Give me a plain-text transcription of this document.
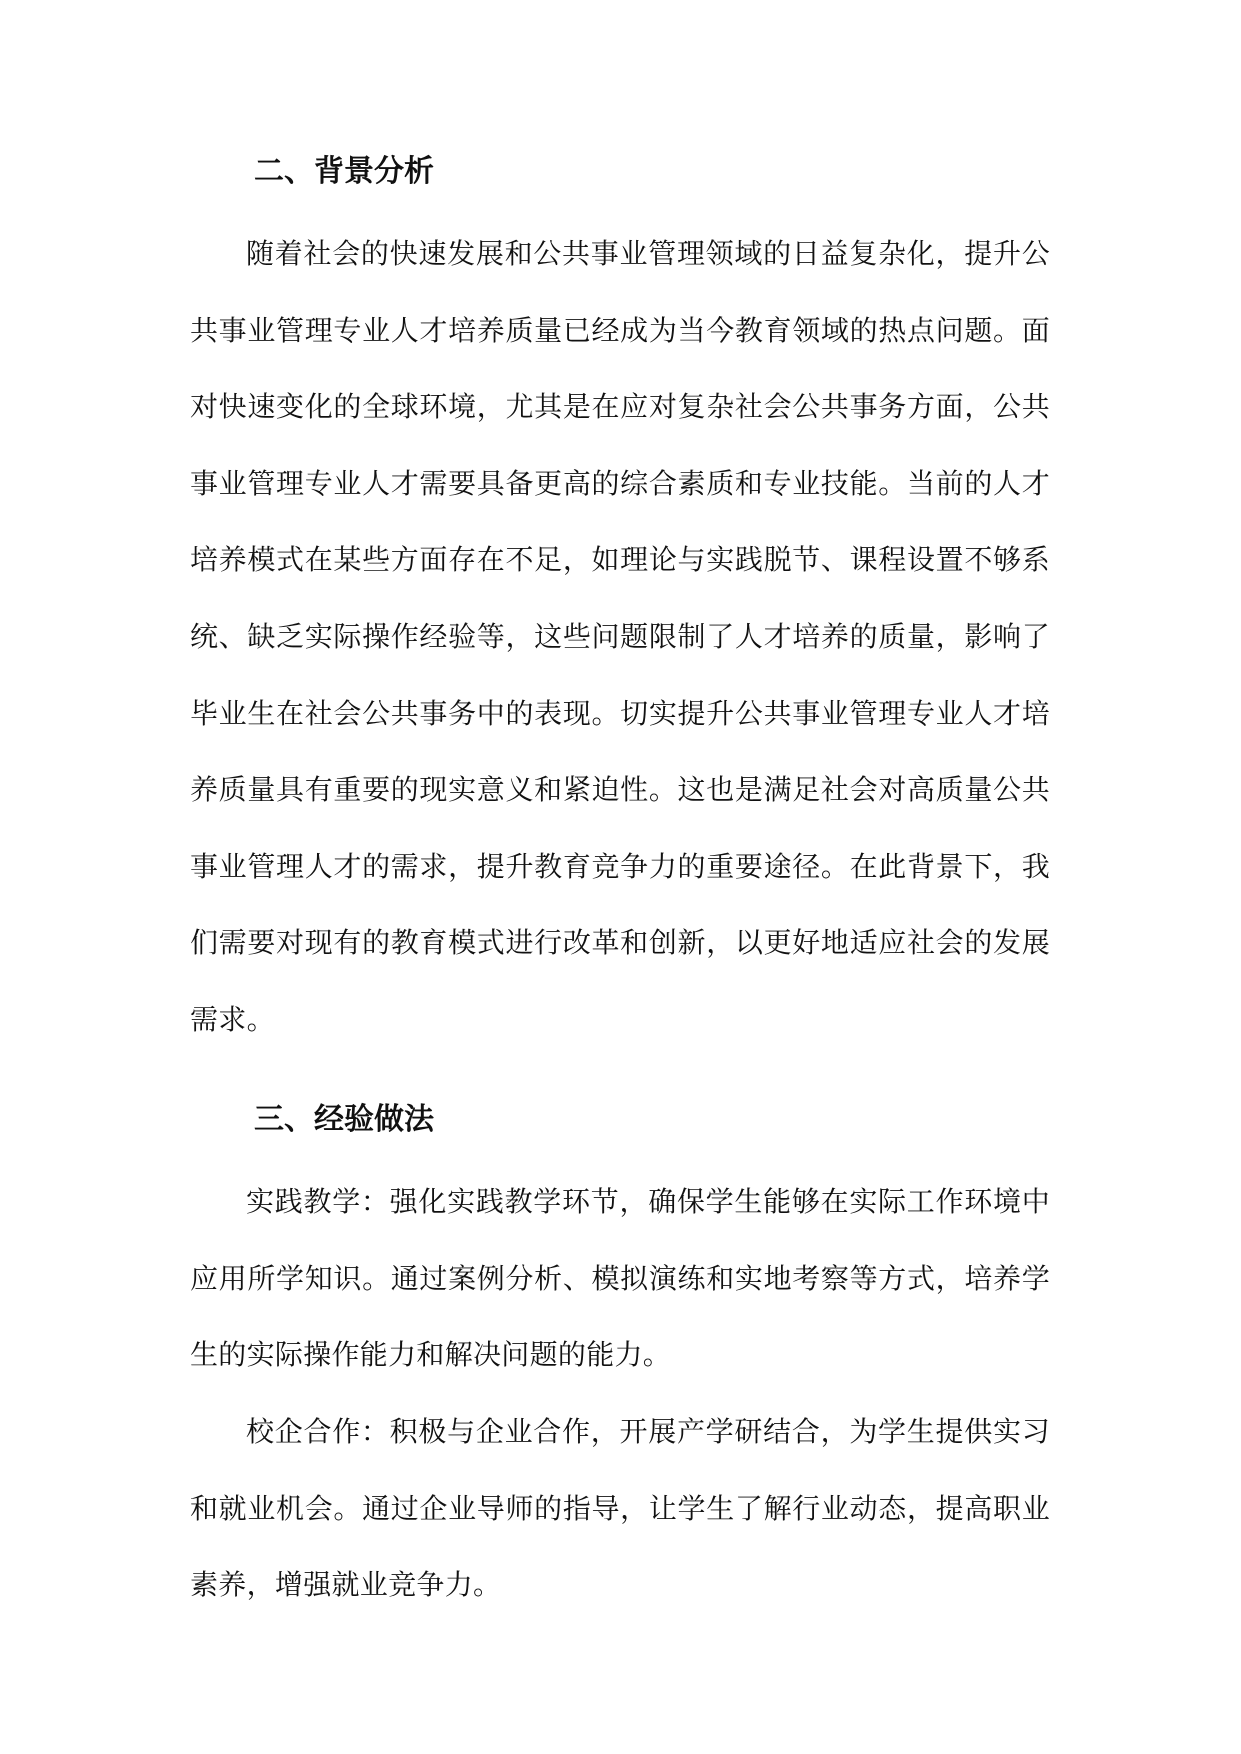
二、背景分析

随着社会的快速发展和公共事业管理领域的日益复杂化，提升公共事业管理专业人才培养质量已经成为当今教育领域的热点问题。面对快速变化的全球环境，尤其是在应对复杂社会公共事务方面，公共事业管理专业人才需要具备更高的综合素质和专业技能。当前的人才培养模式在某些方面存在不足，如理论与实践脱节、课程设置不够系统、缺乏实际操作经验等，这些问题限制了人才培养的质量，影响了毕业生在社会公共事务中的表现。切实提升公共事业管理专业人才培养质量具有重要的现实意义和紧迫性。这也是满足社会对高质量公共事业管理人才的需求，提升教育竞争力的重要途径。在此背景下，我们需要对现有的教育模式进行改革和创新，以更好地适应社会的发展需求。

三、经验做法

实践教学：强化实践教学环节，确保学生能够在实际工作环境中应用所学知识。通过案例分析、模拟演练和实地考察等方式，培养学生的实际操作能力和解决问题的能力。

校企合作：积极与企业合作，开展产学研结合，为学生提供实习和就业机会。通过企业导师的指导，让学生了解行业动态，提高职业素养，增强就业竞争力。
